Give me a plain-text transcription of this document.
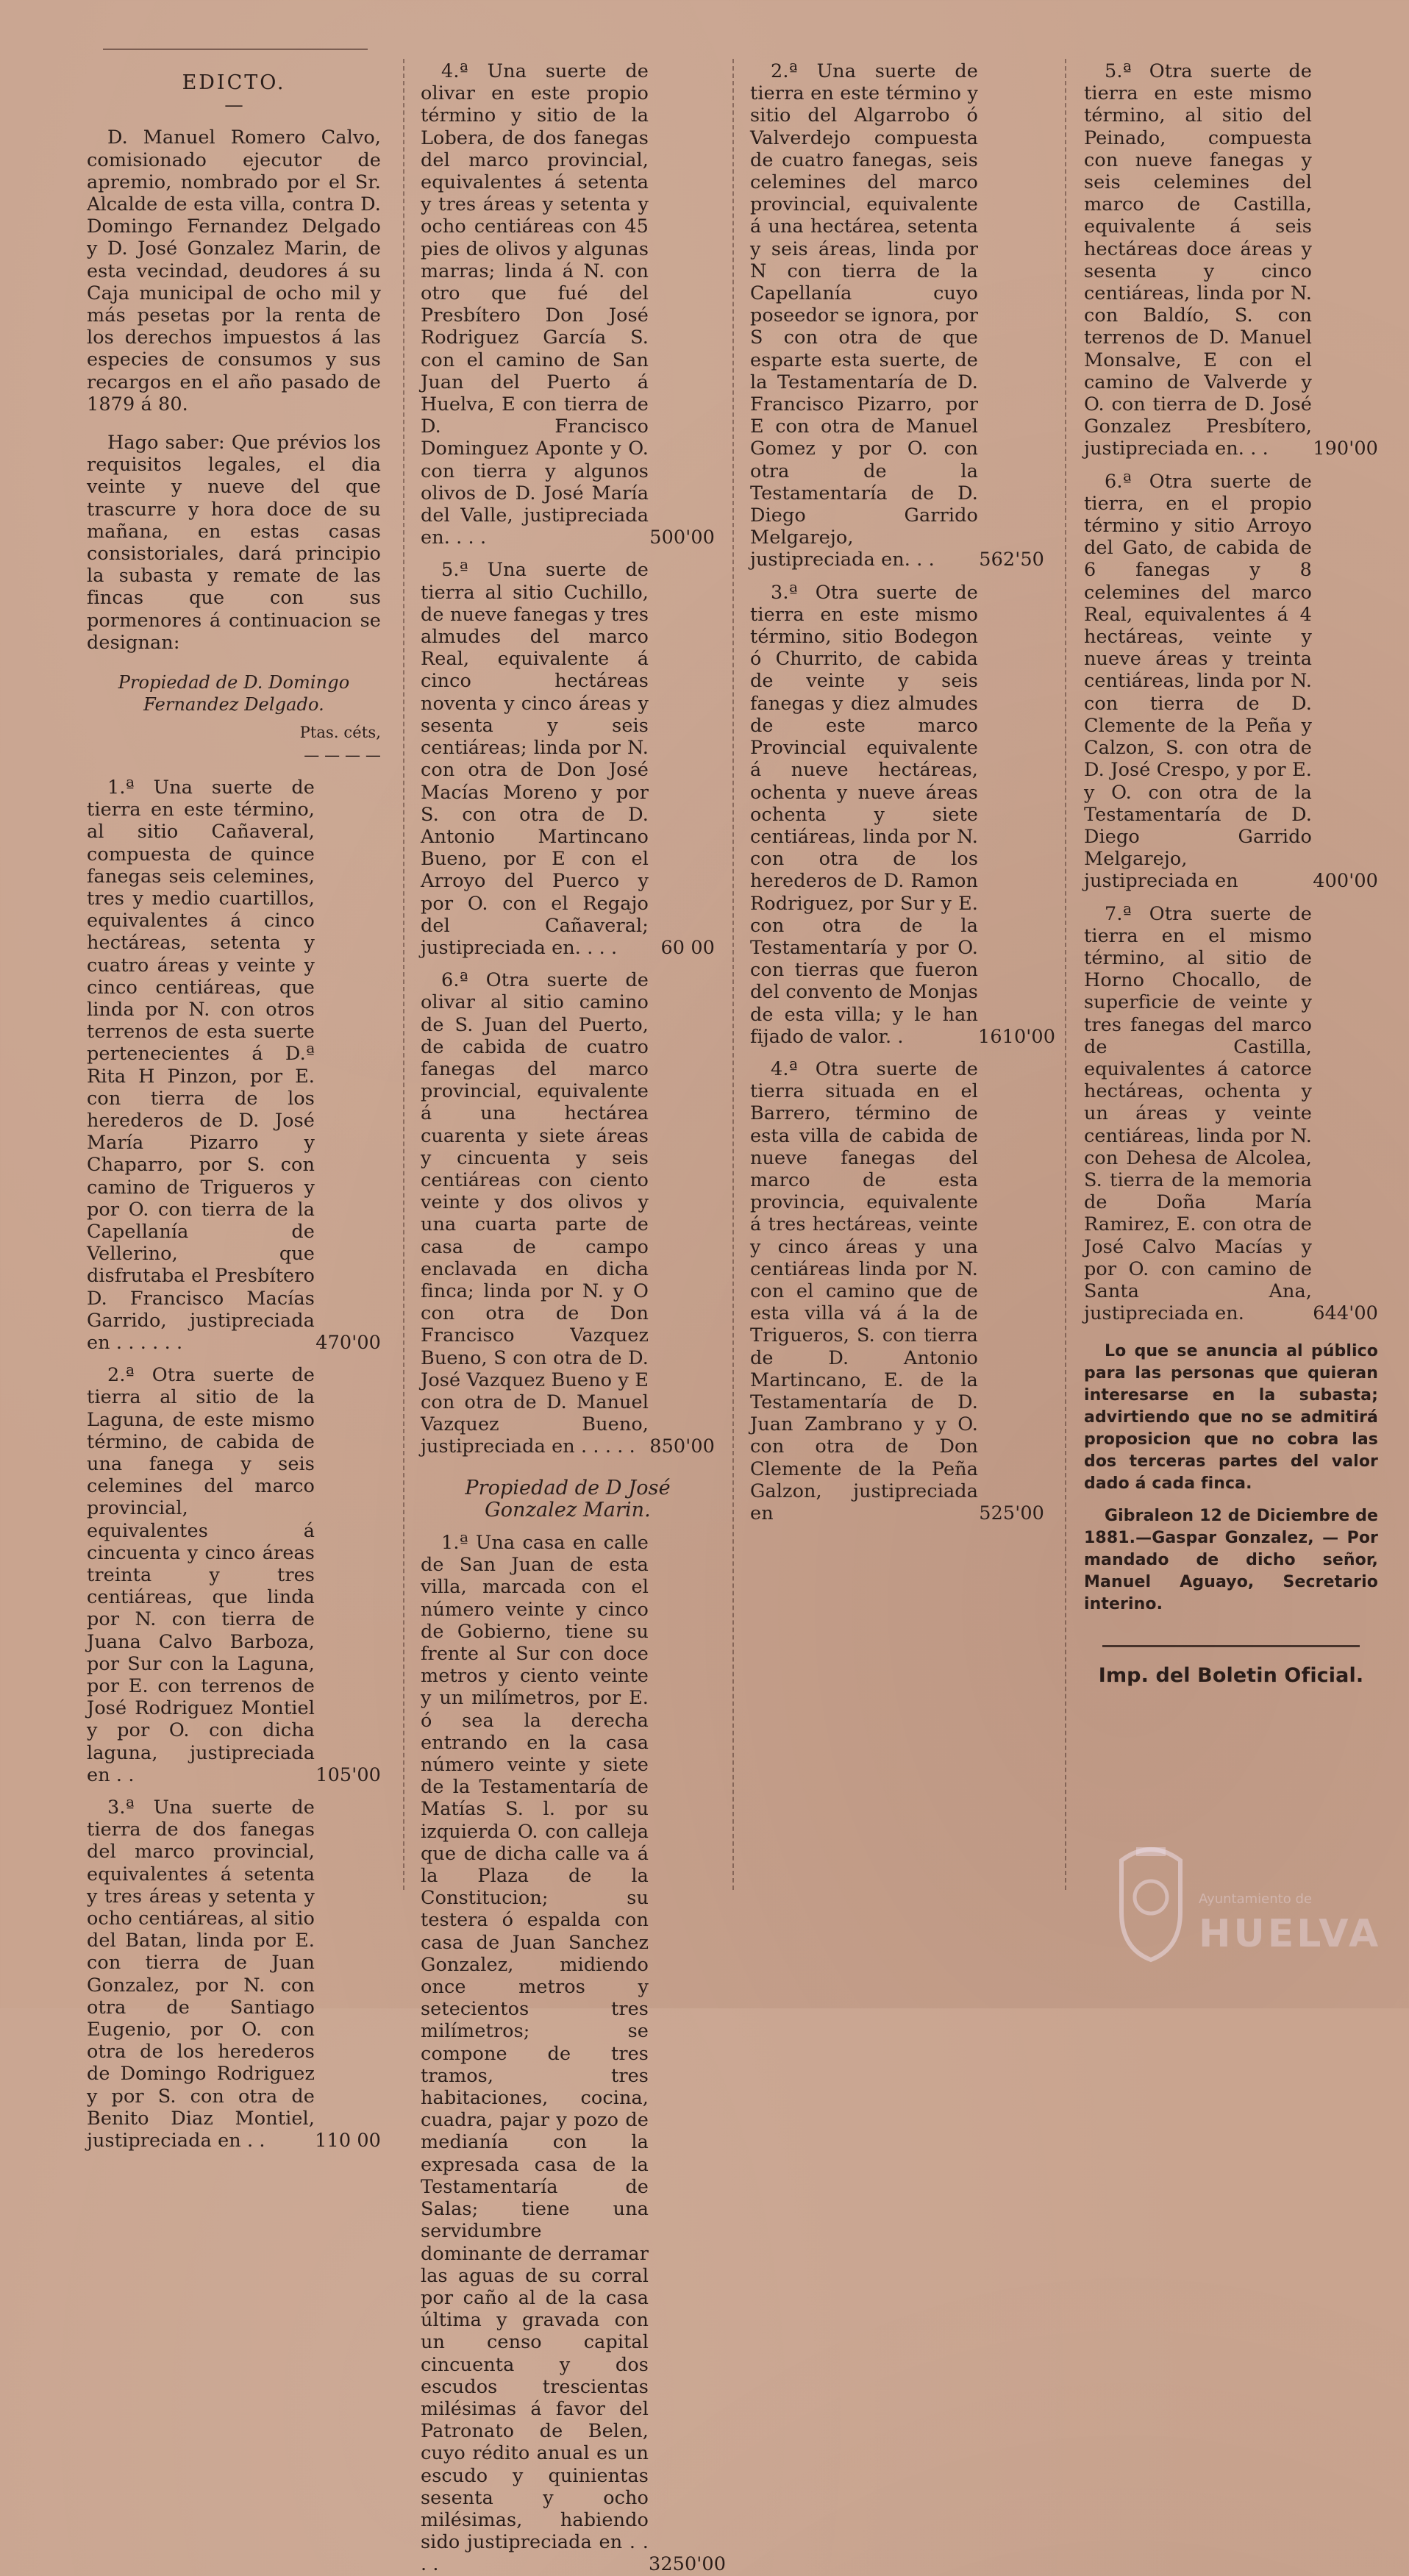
EDICTO.

—

D. Manuel Romero Calvo, comisionado ejecutor de apremio, nombrado por el Sr. Alcalde de esta villa, contra D. Domingo Fernandez Delgado y D. José Gonzalez Marin, de esta vecindad, deudores á su Caja municipal de ocho mil y más pesetas por la renta de los derechos impuestos á las especies de consumos y sus recargos en el año pasado de 1879 á 80.

Hago saber: Que prévios los requisitos legales, el dia veinte y nueve del que trascurre y hora doce de su mañana, en estas casas consistoriales, dará principio la subasta y remate de las fincas que con sus pormenores á continuacion se designan:

Propiedad de D. Domingo Fernandez Delgado.

Ptas. céts,

— — — —

1.ª Una suerte de tierra en este término, al sitio Cañaveral, compuesta de quince fanegas seis celemines, tres y medio cuartillos, equivalentes á cinco hectáreas, setenta y cuatro áreas y veinte y cinco centiáreas, que linda por N. con otros terrenos de esta suerte pertenecientes á D.ª Rita H Pinzon, por E. con tierra de los herederos de D. José María Pizarro y Chaparro, por S. con camino de Trigueros y por O. con tierra de la Capellanía de Vellerino, que disfrutaba el Presbítero D. Francisco Macías Garrido, justipreciada en . . . . . .	470'00

2.ª Otra suerte de tierra al sitio de la Laguna, de este mismo término, de cabida de una fanega y seis celemines del marco provincial, equivalentes á cincuenta y cinco áreas treinta y tres centiáreas, que linda por N. con tierra de Juana Calvo Barboza, por Sur con la Laguna, por E. con terrenos de José Rodriguez Montiel y por O. con dicha laguna, justipreciada en . .	105'00

3.ª Una suerte de tierra de dos fanegas del marco provincial, equivalentes á setenta y tres áreas y setenta y ocho centiáreas, al sitio del Batan, linda por E. con tierra de Juan Gonzalez, por N. con otra de Santiago Eugenio, por O. con otra de los herederos de Domingo Rodriguez y por S. con otra de Benito Diaz Montiel, justipreciada en . .	110 00

4.ª Una suerte de olivar en este propio término y sitio de la Lobera, de dos fanegas del marco provincial, equivalentes á setenta y tres áreas y setenta y ocho centiáreas con 45 pies de olivos y algunas marras; linda á N. con otro que fué del Presbítero Don José Rodriguez García S. con el camino de San Juan del Puerto á Huelva, E con tierra de D. Francisco Dominguez Aponte y O. con tierra y algunos olivos de D. José María del Valle, justipreciada en. . . .	500'00

5.ª Una suerte de tierra al sitio Cuchillo, de nueve fanegas y tres almudes del marco Real, equivalente á cinco hectáreas noventa y cinco áreas y sesenta y seis centiáreas; linda por N. con otra de Don José Macías Moreno y por S. con otra de D. Antonio Martincano Bueno, por E con el Arroyo del Puerco y por O. con el Regajo del Cañaveral; justipreciada en. . . .	60 00

6.ª Otra suerte de olivar al sitio camino de S. Juan del Puerto, de cabida de cuatro fanegas del marco provincial, equivalente á una hectárea cuarenta y siete áreas y cincuenta y seis centiáreas con ciento veinte y dos olivos y una cuarta parte de casa de campo enclavada en dicha finca; linda por N. y O con otra de Don Francisco Vazquez Bueno, S con otra de D. José Vazquez Bueno y E con otra de D. Manuel Vazquez Bueno, justipreciada en . . . . . 850'00

Propiedad de D José Gonzalez Marin.

1.ª Una casa en calle de San Juan de esta villa, marcada con el número veinte y cinco de Gobierno, tiene su frente al Sur con doce metros y ciento veinte y un milímetros, por E. ó sea la derecha entrando en la casa número veinte y siete de la Testamentaría de Matías S. l. por su izquierda O. con calleja que de dicha calle va á la Plaza de la Constitucion; su testera ó espalda con casa de Juan Sanchez Gonzalez, midiendo once metros y setecientos tres milímetros; se compone de tres tramos, tres habitaciones, cocina, cuadra, pajar y pozo de medianía con la expresada casa de la Testamentaría de Salas; tiene una servidumbre dominante de derramar las aguas de su corral por caño al de la casa última y gravada con un censo capital cincuenta y dos escudos trescientas milésimas á favor del Patronato de Belen, cuyo rédito anual es un escudo y quinientas sesenta y ocho milésimas, habiendo sido justipreciada en . . . .	3250'00

2.ª Una suerte de tierra en este término y sitio del Algarrobo ó Valverdejo compuesta de cuatro fanegas, seis celemines del marco provincial, equivalente á una hectárea, setenta y seis áreas, linda por N con tierra de la Capellanía cuyo poseedor se ignora, por S con otra de que esparte esta suerte, de la Testamentaría de D. Francisco Pizarro, por E con otra de Manuel Gomez y por O. con otra de la Testamentaría de D. Diego Garrido Melgarejo, justipreciada en. . .	562'50

3.ª Otra suerte de tierra en este mismo término, sitio Bodegon ó Churrito, de cabida de veinte y seis fanegas y diez almudes de este marco Provincial equivalente á nueve hectáreas, ochenta y nueve áreas ochenta y siete centiáreas, linda por N. con otra de los herederos de D. Ramon Rodriguez, por Sur y E. con otra de la Testamentaría y por O. con tierras que fueron del convento de Monjas de esta villa; y le han fijado de valor. .	1610'00

4.ª Otra suerte de tierra situada en el Barrero, término de esta villa de cabida de nueve fanegas del marco de esta provincia, equivalente á tres hectáreas, veinte y cinco áreas y una centiáreas linda por N. con el camino que de esta villa vá á la de Trigueros, S. con tierra de D. Antonio Martincano, E. de la Testamentaría de D. Juan Zambrano y y O. con otra de Don Clemente de la Peña Galzon, justipreciada en	525'00

5.ª Otra suerte de tierra en este mismo término, al sitio del Peinado, compuesta con nueve fanegas y seis celemines del marco de Castilla, equivalente á seis hectáreas doce áreas y sesenta y cinco centiáreas, linda por N. con Baldío, S. con terrenos de D. Manuel Monsalve, E con el camino de Valverde y O. con tierra de D. José Gonzalez Presbítero, justipreciada en. . .	190'00

6.ª Otra suerte de tierra, en el propio término y sitio Arroyo del Gato, de cabida de 6 fanegas y 8 celemines del marco Real, equivalentes á 4 hectáreas, veinte y nueve áreas y treinta centiáreas, linda por N. con tierra de D. Clemente de la Peña y Calzon, S. con otra de D. José Crespo, y por E. y O. con otra de la Testamentaría de D. Diego Garrido Melgarejo, justipreciada en	400'00

7.ª Otra suerte de tierra en el mismo término, al sitio de Horno Chocallo, de superficie de veinte y tres fanegas del marco de Castilla, equivalentes á catorce hectáreas, ochenta y un áreas y veinte centiáreas, linda por N. con Dehesa de Alcolea, S. tierra de la memoria de Doña María Ramirez, E. con otra de José Calvo Macías y por O. con camino de Santa Ana, justipreciada en.	644'00

Lo que se anuncia al público para las personas que quieran interesarse en la subasta; advirtiendo que no se admitirá proposicion que no cobra las dos terceras partes del valor dado á cada finca.

Gibraleon 12 de Diciembre de 1881.—Gaspar Gonzalez, — Por mandado de dicho señor, Manuel Aguayo, Secretario interino.

Imp. del Boletin Oficial.

Ayuntamiento de
HUELVA
